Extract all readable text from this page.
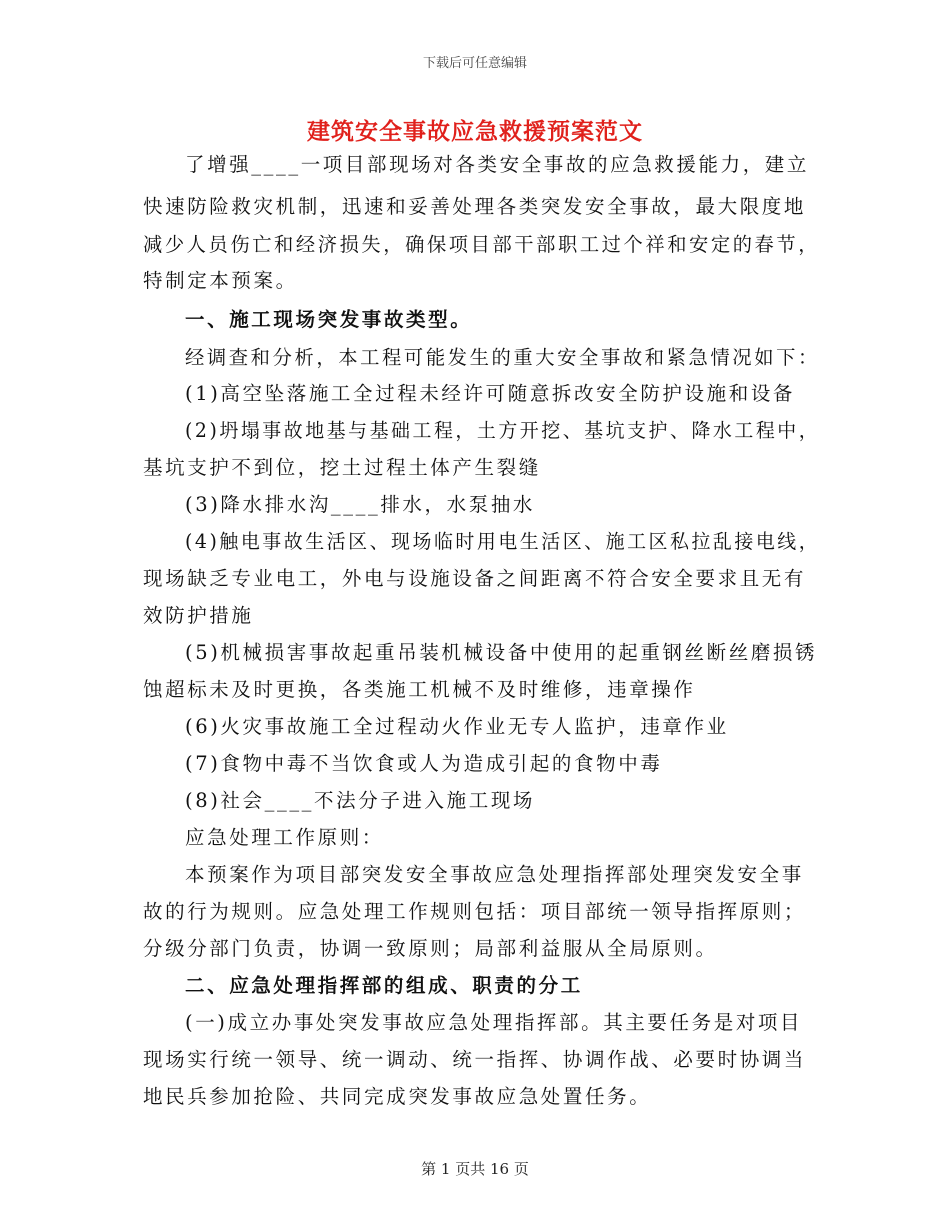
下载后可任意编辑
建筑安全事故应急救援预案范文
了增强____一项目部现场对各类安全事故的应急救援能力，建立
快速防险救灾机制，迅速和妥善处理各类突发安全事故，最大限度地
减少人员伤亡和经济损失，确保项目部干部职工过个祥和安定的春节，
特制定本预案。
一、施工现场突发事故类型。
经调查和分析，本工程可能发生的重大安全事故和紧急情况如下：
(1)高空坠落施工全过程未经许可随意拆改安全防护设施和设备
(2)坍塌事故地基与基础工程，土方开挖、基坑支护、降水工程中，
基坑支护不到位，挖土过程土体产生裂缝
(3)降水排水沟____排水，水泵抽水
(4)触电事故生活区、现场临时用电生活区、施工区私拉乱接电线，
现场缺乏专业电工，外电与设施设备之间距离不符合安全要求且无有
效防护措施
(5)机械损害事故起重吊装机械设备中使用的起重钢丝断丝磨损锈
蚀超标未及时更换，各类施工机械不及时维修，违章操作
(6)火灾事故施工全过程动火作业无专人监护，违章作业
(7)食物中毒不当饮食或人为造成引起的食物中毒
(8)社会____不法分子进入施工现场
应急处理工作原则：
本预案作为项目部突发安全事故应急处理指挥部处理突发安全事
故的行为规则。应急处理工作规则包括：项目部统一领导指挥原则；
分级分部门负责，协调一致原则；局部利益服从全局原则。
二、应急处理指挥部的组成、职责的分工
(一)成立办事处突发事故应急处理指挥部。其主要任务是对项目
现场实行统一领导、统一调动、统一指挥、协调作战、必要时协调当
地民兵参加抢险、共同完成突发事故应急处置任务。
第 1 页共 16 页
